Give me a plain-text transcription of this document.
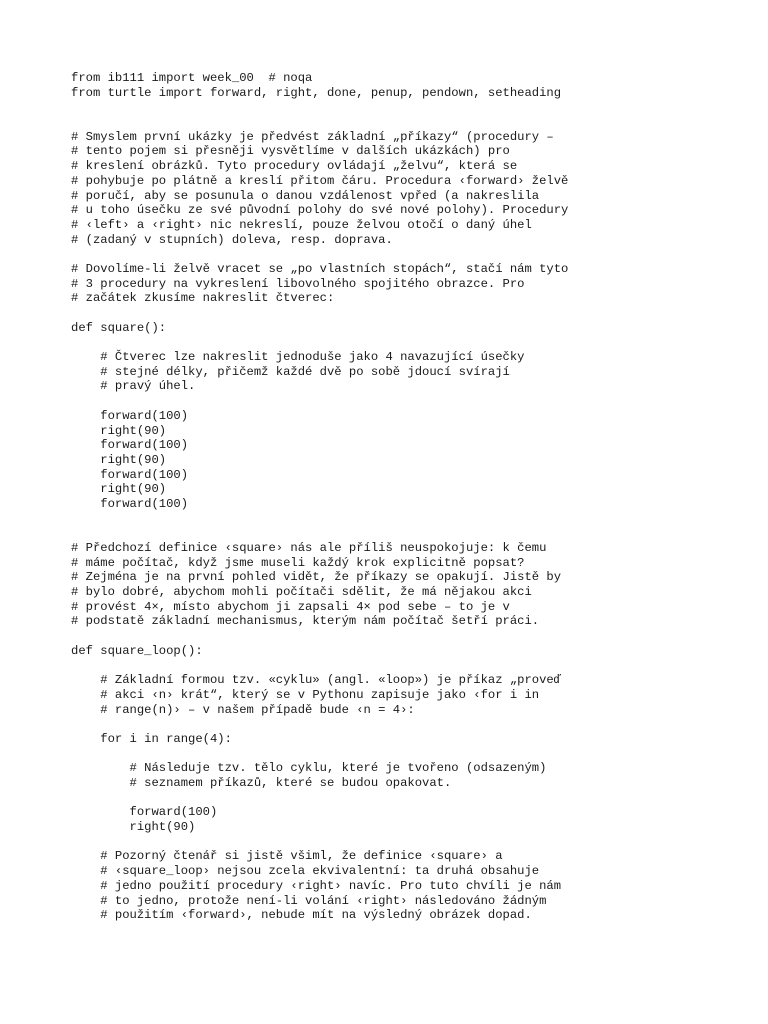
from ib111 import week_00  # noqa
from turtle import forward, right, done, penup, pendown, setheading
# Smyslem první ukázky je předvést základní „příkazy“ (procedury –
# tento pojem si přesněji vysvětlíme v dalších ukázkách) pro
# kreslení obrázků. Tyto procedury ovládají „želvu“, která se
# pohybuje po plátně a kreslí přitom čáru. Procedura ‹forward› želvě
# poručí, aby se posunula o danou vzdálenost vpřed (a nakreslila
# u toho úsečku ze své původní polohy do své nové polohy). Procedury
# ‹left› a ‹right› nic nekreslí, pouze želvou otočí o daný úhel
# (zadaný v stupních) doleva, resp. doprava.
# Dovolíme-li želvě vracet se „po vlastních stopách“, stačí nám tyto
# 3 procedury na vykreslení libovolného spojitého obrazce. Pro
# začátek zkusíme nakreslit čtverec:
def square():
# Čtverec lze nakreslit jednoduše jako 4 navazující úsečky
# stejné délky, přičemž každé dvě po sobě jdoucí svírají
# pravý úhel.
forward(100)
right(90)
forward(100)
right(90)
forward(100)
right(90)
forward(100)
# Předchozí definice ‹square› nás ale příliš neuspokojuje: k čemu
# máme počítač, když jsme museli každý krok explicitně popsat?
# Zejména je na první pohled vidět, že příkazy se opakují. Jistě by
# bylo dobré, abychom mohli počítači sdělit, že má nějakou akci
# provést 4×, místo abychom ji zapsali 4× pod sebe – to je v
# podstatě základní mechanismus, kterým nám počítač šetří práci.
def square_loop():
# Základní formou tzv. «cyklu» (angl. «loop») je příkaz „proveď
# akci ‹n› krát“, který se v Pythonu zapisuje jako ‹for i in
# range(n)› – v našem případě bude ‹n = 4›:
for i in range(4):
# Následuje tzv. tělo cyklu, které je tvořeno (odsazeným)
# seznamem příkazů, které se budou opakovat.
forward(100)
right(90)
# Pozorný čtenář si jistě všiml, že definice ‹square› a
# ‹square_loop› nejsou zcela ekvivalentní: ta druhá obsahuje
# jedno použití procedury ‹right› navíc. Pro tuto chvíli je nám
# to jedno, protože není-li volání ‹right› následováno žádným
# použitím ‹forward›, nebude mít na výsledný obrázek dopad.
